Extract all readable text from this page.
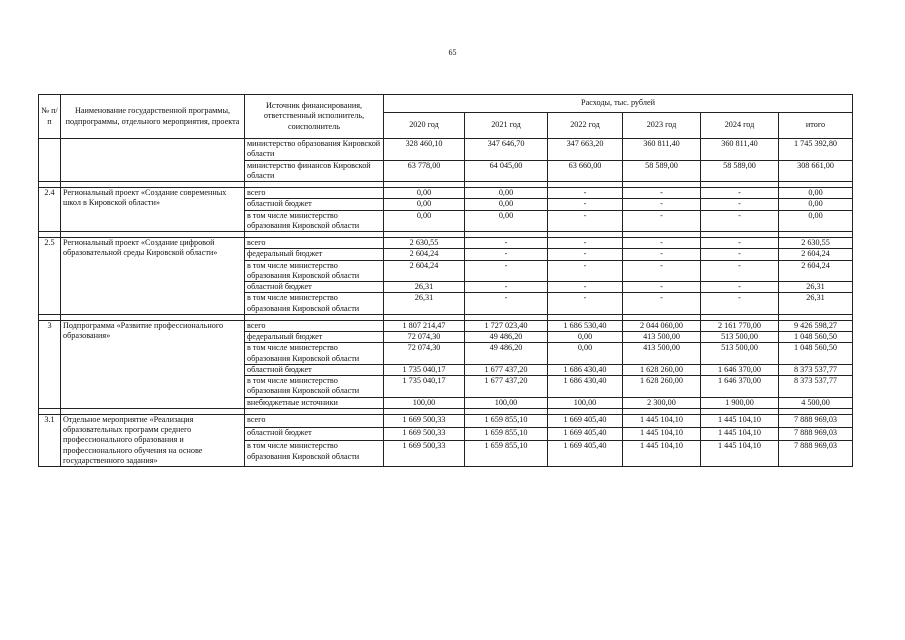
65
№ п/п	Наименование государственной программы, подпрограммы, отдельного мероприятия, проекта	Источник финансирования, ответственный исполнитель, соисполнитель	Расходы, тыс. рублей					
			2020 год	2021 год	2022 год	2023 год	2024 год	итого
		министерство образования Кировской области	328 460,10	347 646,70	347 663,20	360 811,40	360 811,40	1 745 392,80
		министерство финансов Кировской области	63 778,00	64 045,00	63 660,00	58 589,00	58 589,00	308 661,00

2.4	Региональный проект «Создание современных школ в Кировской области»	всего	0,00	0,00	-	-	-	0,00
		областной бюджет	0,00	0,00	-	-	-	0,00
		в том числе министерство образования Кировской области	0,00	0,00	-	-	-	0,00

2.5	Региональный проект «Создание цифровой образовательной среды Кировской области»	всего	2 630,55	-	-	-	-	2 630,55
		федеральный бюджет	2 604,24	-	-	-	-	2 604,24
		в том числе министерство образования Кировской области	2 604,24	-	-	-	-	2 604,24
		областной бюджет	26,31	-	-	-	-	26,31
		в том числе министерство образования Кировской области	26,31	-	-	-	-	26,31

3	Подпрограмма «Развитие профессионального образования»	всего	1 807 214,47	1 727 023,40	1 686 530,40	2 044 060,00	2 161 770,00	9 426 598,27
		федеральный бюджет	72 074,30	49 486,20	0,00	413 500,00	513 500,00	1 048 560,50
		в том числе министерство образования Кировской области	72 074,30	49 486,20	0,00	413 500,00	513 500,00	1 048 560,50
		областной бюджет	1 735 040,17	1 677 437,20	1 686 430,40	1 628 260,00	1 646 370,00	8 373 537,77
		в том числе министерство образования Кировской области	1 735 040,17	1 677 437,20	1 686 430,40	1 628 260,00	1 646 370,00	8 373 537,77
		внебюджетные источники	100,00	100,00	100,00	2 300,00	1 900,00	4 500,00

3.1	Отдельное мероприятие «Реализация образовательных программ среднего профессионального образования и профессионального обучения на основе государственного задания»	всего	1 669 500,33	1 659 855,10	1 669 405,40	1 445 104,10	1 445 104,10	7 888 969,03
		областной бюджет	1 669 500,33	1 659 855,10	1 669 405,40	1 445 104,10	1 445 104,10	7 888 969,03
		в том числе министерство образования Кировской области	1 669 500,33	1 659 855,10	1 669 405,40	1 445 104,10	1 445 104,10	7 888 969,03
